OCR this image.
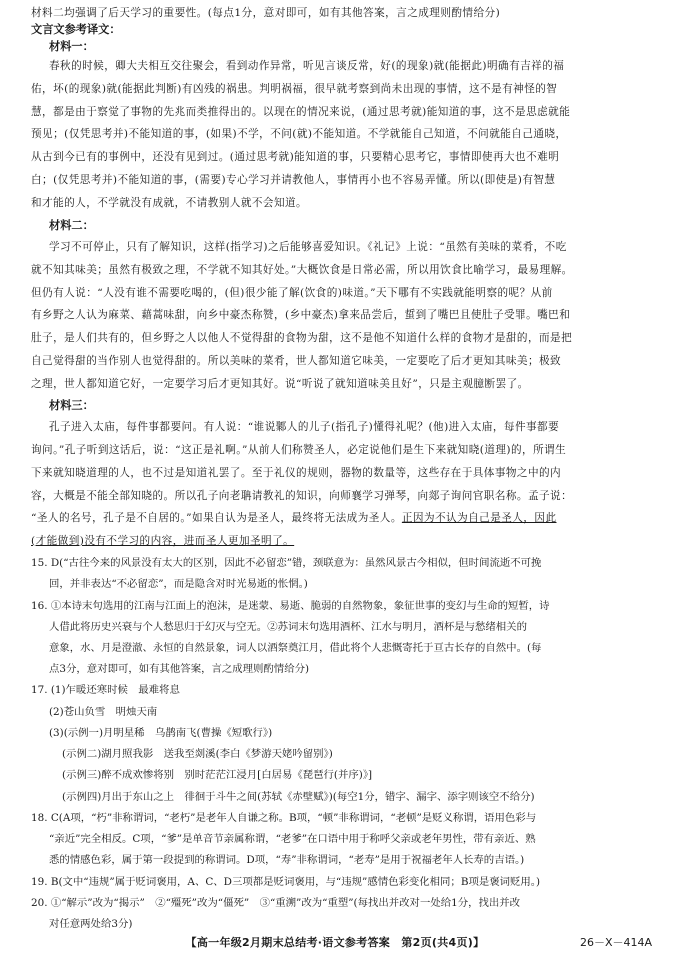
材料二均强调了后天学习的重要性。(每点1分，意对即可，如有其他答案，言之成理则酌情给分)
文言文参考译文：
材料一：
春秋的时候，卿大夫相互交往聚会，看到动作异常，听见言谈反常，好(的现象)就(能据此)明确有吉祥的福
佑，坏(的现象)就(能据此判断)有凶残的祸患。判明祸福，很早就考察到尚未出现的事情，这不是有神怪的智
慧，都是由于察觉了事物的先兆而类推得出的。以现在的情况来说，(通过思考就)能知道的事，这不是思虑就能
预见；(仅凭思考并)不能知道的事，(如果)不学，不问(就)不能知道。不学就能自己知道，不问就能自己通晓，
从古到今已有的事例中，还没有见到过。(通过思考就)能知道的事，只要精心思考它，事情即使再大也不难明
白；(仅凭思考并)不能知道的事，(需要)专心学习并请教他人，事情再小也不容易弄懂。所以(即使是)有智慧
和才能的人，不学就没有成就，不请教别人就不会知道。
材料二：
学习不可停止，只有了解知识，这样(指学习)之后能够喜爱知识。《礼记》上说：“虽然有美味的菜肴，不吃
就不知其味美；虽然有极致之理，不学就不知其好处。”大概饮食是日常必需，所以用饮食比喻学习，最易理解。
但仍有人说：“人没有谁不需要吃喝的，(但)很少能了解(饮食的)味道。”天下哪有不实践就能明察的呢？从前
有乡野之人认为麻菜、藉蒿味甜，向乡中豪杰称赞，(乡中豪杰)拿来品尝后，蜇到了嘴巴且使肚子受罪。嘴巴和
肚子，是人们共有的，但乡野之人以他人不觉得甜的食物为甜，这不是他不知道什么样的食物才是甜的，而是把
自己觉得甜的当作别人也觉得甜的。所以美味的菜肴，世人都知道它味美，一定要吃了后才更知其味美；极致
之理，世人都知道它好，一定要学习后才更知其好。说“听说了就知道味美且好”，只是主观臆断罢了。
材料三：
孔子进入太庙，每件事都要问。有人说：“谁说鄹人的儿子(指孔子)懂得礼呢？(他)进入太庙，每件事都要
询问。”孔子听到这话后，说：“这正是礼啊。”从前人们称赞圣人，必定说他们是生下来就知晓(道理)的，所谓生
下来就知晓道理的人，也不过是知道礼罢了。至于礼仪的规则，器物的数量等，这些存在于具体事物之中的内
容，大概是不能全部知晓的。所以孔子向老聃请教礼的知识，向师襄学习弹琴，向郯子询问官职名称。孟子说：
“圣人的名号，孔子是不自居的。”如果自认为是圣人，最终将无法成为圣人。正因为不认为自己是圣人，因此
(才能做到)没有不学习的内容，进而圣人更加圣明了。
15. D(“古往今来的风景没有太大的区别，因此不必留恋”错，颈联意为：虽然风景古今相似，但时间流逝不可挽
回，并非表达“不必留恋”，而是隐含对时光易逝的怅惘。)
16. ①本诗末句选用的江南与江面上的泡沫，是迷蒙、易逝、脆弱的自然物象，象征世事的变幻与生命的短暂，诗
人借此将历史兴衰与个人愁思归于幻灭与空无。②苏词末句选用酒杯、江水与明月，酒杯是与愁绪相关的
意象，水、月是澄澈、永恒的自然景象，词人以酒祭奠江月，借此将个人悲慨寄托于亘古长存的自然中。(每
点3分，意对即可，如有其他答案，言之成理则酌情给分)
17. (1)乍暖还寒时候　最难将息
(2)苍山负雪　明烛天南
(3)(示例一)月明星稀　乌鹊南飞(曹操《短歌行》)
(示例二)湖月照我影　送我至剡溪(李白《梦游天姥吟留别》)
(示例三)醉不成欢惨将别　别时茫茫江浸月[白居易《琵琶行(并序)》]
(示例四)月出于东山之上　徘徊于斗牛之间(苏轼《赤壁赋》)(每空1分，错字、漏字、添字则该空不给分)
18. C(A项，“朽”非称谓词，“老朽”是老年人自谦之称。B项，“顿”非称谓词，“老顿”是贬义称谓，语用色彩与
“亲近”完全相反。C项，“爹”是单音节亲属称谓，“老爹”在口语中用于称呼父亲或老年男性，带有亲近、熟
悉的情感色彩，属于第一段提到的称谓词。D项，“寿”非称谓词，“老寿”是用于祝福老年人长寿的吉语。)
19. B(文中“违规”属于贬词褒用，A、C、D三项都是贬词褒用，与“违规”感情色彩变化相同；B项是褒词贬用。)
20. ①“解示”改为“揭示”　②“殭死”改为“僵死”　③“重溯”改为“重塑”(每找出并改对一处给1分，找出并改
对任意两处给3分)
【高一年级2月期末总结考·语文参考答案　第2页(共4页)】	26－X－414A
